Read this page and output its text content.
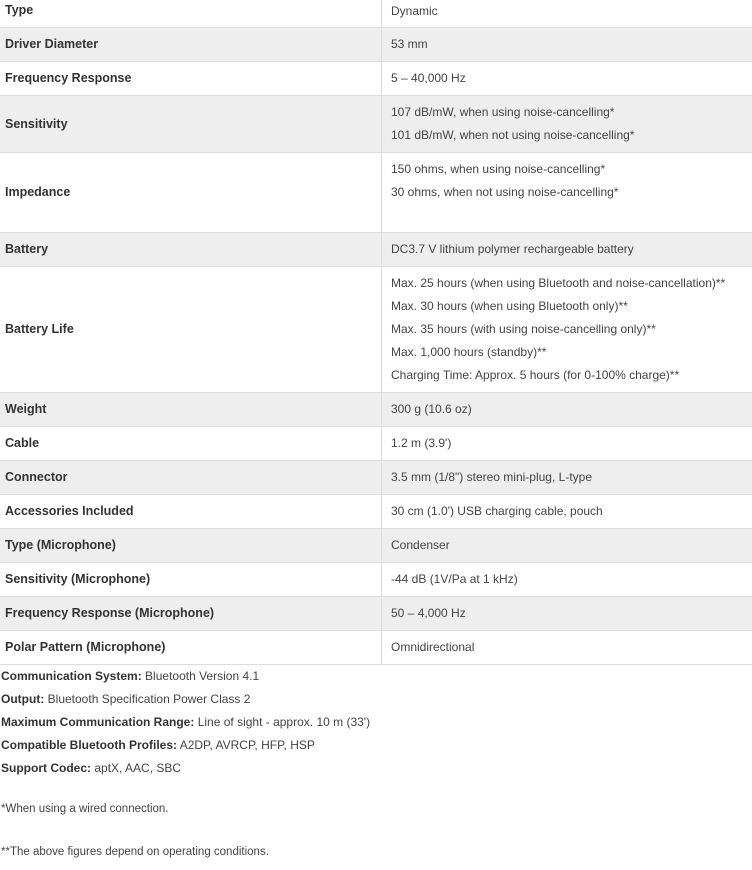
Type	Dynamic

Driver Diameter	53 mm

Frequency Response	5 – 40,000 Hz

Sensitivity	107 dB/mW, when using noise-cancelling*
101 dB/mW, when not using noise-cancelling*

Impedance	150 ohms, when using noise-cancelling*
30 ohms, when not using noise-cancelling*

Battery	DC3.7 V lithium polymer rechargeable battery

Battery Life	Max. 25 hours (when using Bluetooth and noise-cancellation)**
Max. 30 hours (when using Bluetooth only)**
Max. 35 hours (with using noise-cancelling only)**
Max. 1,000 hours (standby)**
Charging Time: Approx. 5 hours (for 0-100% charge)**

Weight	300 g (10.6 oz)

Cable	1.2 m (3.9')

Connector	3.5 mm (1/8") stereo mini-plug, L-type

Accessories Included	30 cm (1.0') USB charging cable, pouch

Type (Microphone)	Condenser

Sensitivity (Microphone)	-44 dB (1V/Pa at 1 kHz)

Frequency Response (Microphone)	50 – 4,000 Hz

Polar Pattern (Microphone)	Omnidirectional
Communication System: Bluetooth Version 4.1
Output: Bluetooth Specification Power Class 2
Maximum Communication Range: Line of sight - approx. 10 m (33')
Compatible Bluetooth Profiles: A2DP, AVRCP, HFP, HSP
Support Codec: aptX, AAC, SBC
*When using a wired connection.
**The above figures depend on operating conditions.
